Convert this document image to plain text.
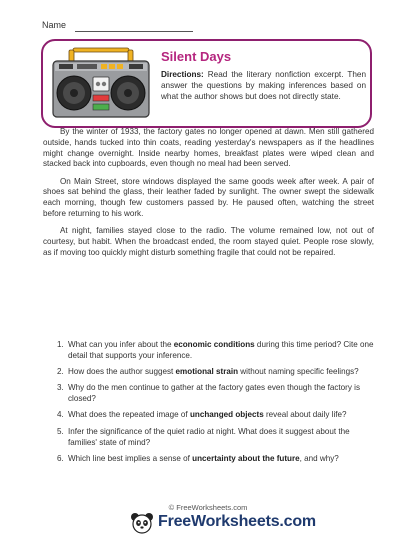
Name
Silent Days
Directions: Read the literary nonfiction excerpt. Then answer the questions by making inferences based on what the author shows but does not directly state.

By the winter of 1933, the factory gates no longer opened at dawn. Men still gathered outside, hands tucked into thin coats, reading yesterday's newspapers as if the headlines might change overnight. Inside nearby homes, breakfast plates were wiped clean and stacked back into cupboards, even though no meal had been served.

On Main Street, store windows displayed the same goods week after week. A pair of shoes sat behind the glass, their leather faded by sunlight. The owner swept the sidewalk each morning, though few customers passed by. He paused often, watching the street before returning to his work.

At night, families stayed close to the radio. The volume remained low, not out of courtesy, but habit. When the broadcast ended, the room stayed quiet. People rose slowly, as if moving too quickly might disturb something fragile that could not be repaired.

1. What can you infer about the economic conditions during this time period? Cite one detail that supports your inference.
2. How does the author suggest emotional strain without naming specific feelings?
3. Why do the men continue to gather at the factory gates even though the factory is closed?
4. What does the repeated image of unchanged objects reveal about daily life?
5. Infer the significance of the quiet radio at night. What does it suggest about the families' state of mind?
6. Which line best implies a sense of uncertainty about the future, and why?
© FreeWorksheets.com
FreeWorksheets.com
